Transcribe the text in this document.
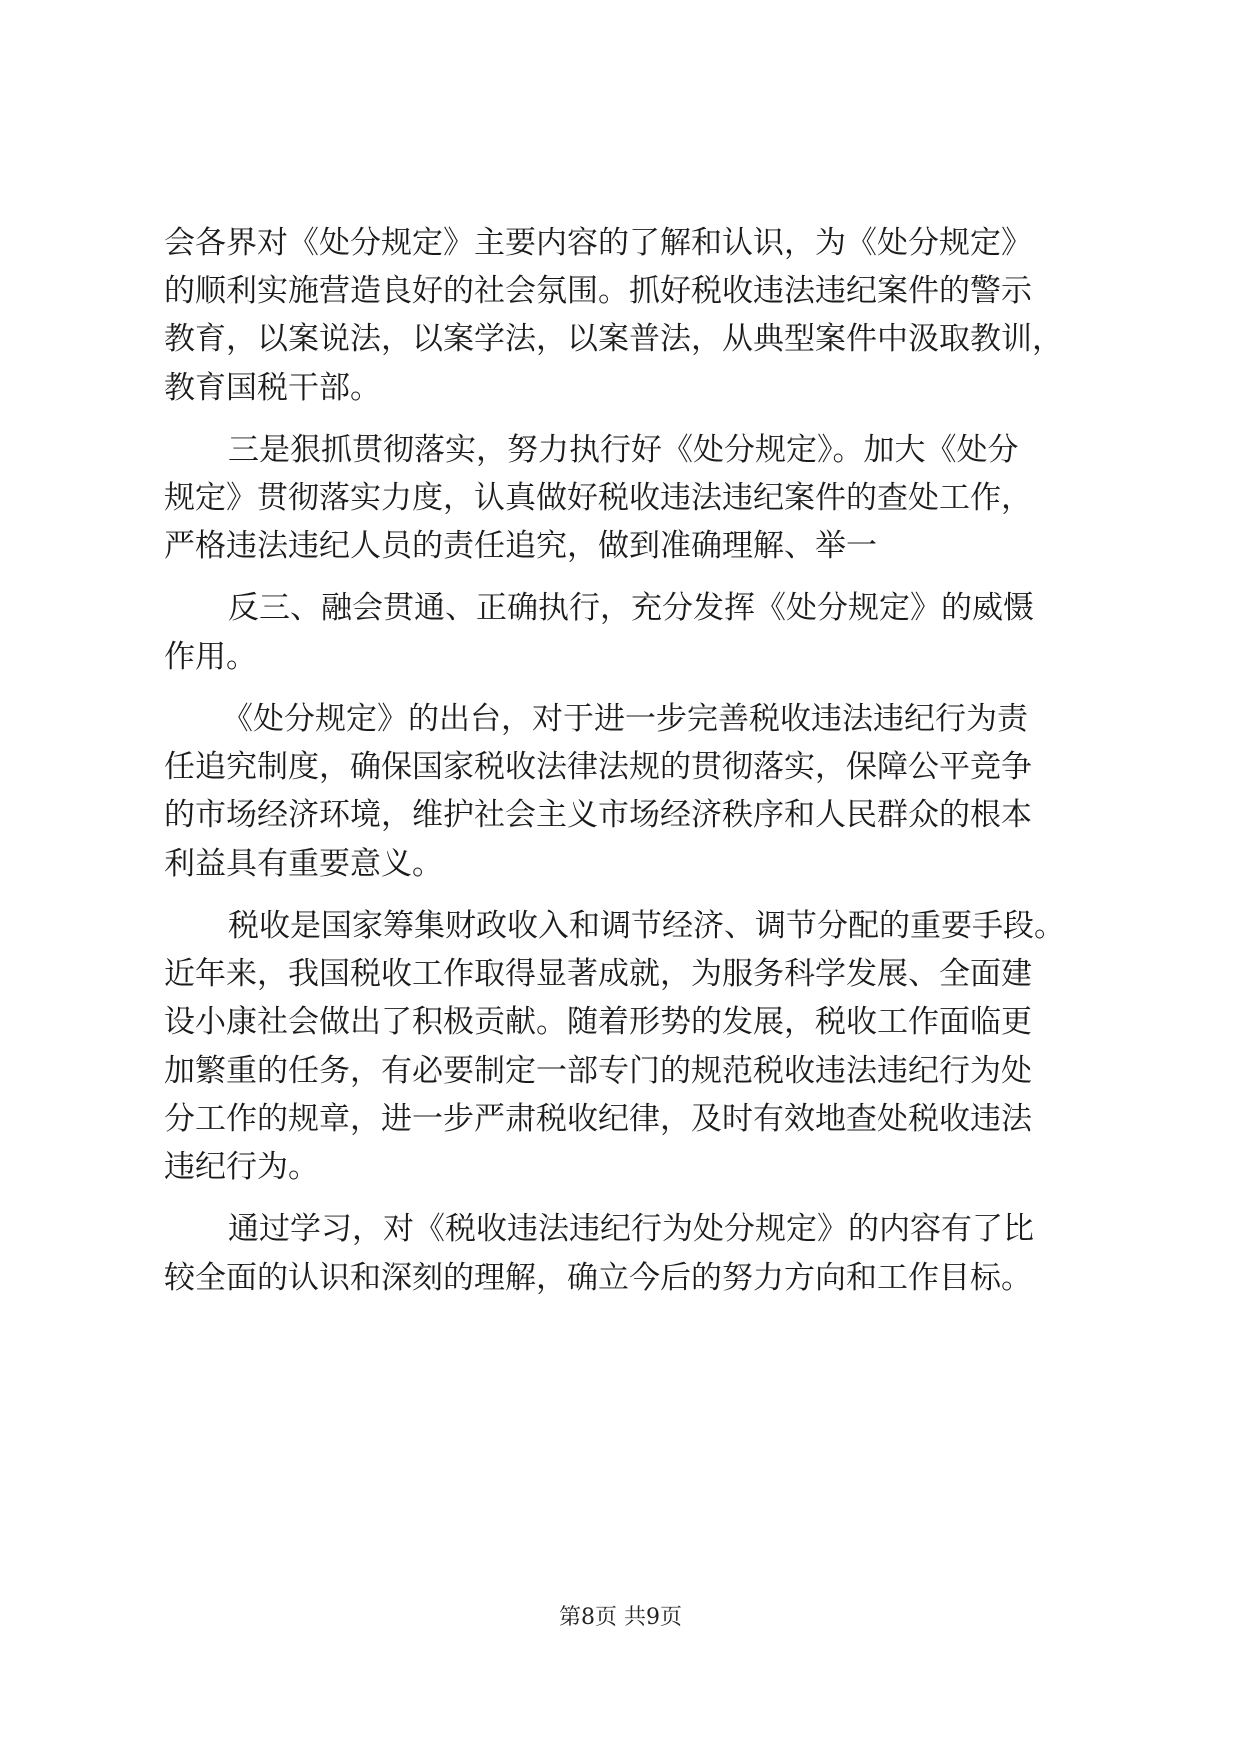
会各界对《处分规定》主要内容的了解和认识，为《处分规定》
的顺利实施营造良好的社会氛围。抓好税收违法违纪案件的警示
教育，以案说法，以案学法，以案普法，从典型案件中汲取教训，
教育国税干部。
三是狠抓贯彻落实，努力执行好《处分规定》。加大《处分
规定》贯彻落实力度，认真做好税收违法违纪案件的查处工作，
严格违法违纪人员的责任追究，做到准确理解、举一
反三、融会贯通、正确执行，充分发挥《处分规定》的威慑
作用。
《处分规定》的出台，对于进一步完善税收违法违纪行为责
任追究制度，确保国家税收法律法规的贯彻落实，保障公平竞争
的市场经济环境，维护社会主义市场经济秩序和人民群众的根本
利益具有重要意义。
税收是国家筹集财政收入和调节经济、调节分配的重要手段。
近年来，我国税收工作取得显著成就，为服务科学发展、全面建
设小康社会做出了积极贡献。随着形势的发展，税收工作面临更
加繁重的任务，有必要制定一部专门的规范税收违法违纪行为处
分工作的规章，进一步严肃税收纪律，及时有效地查处税收违法
违纪行为。
通过学习，对《税收违法违纪行为处分规定》的内容有了比
较全面的认识和深刻的理解，确立今后的努力方向和工作目标。
第8页 共9页
